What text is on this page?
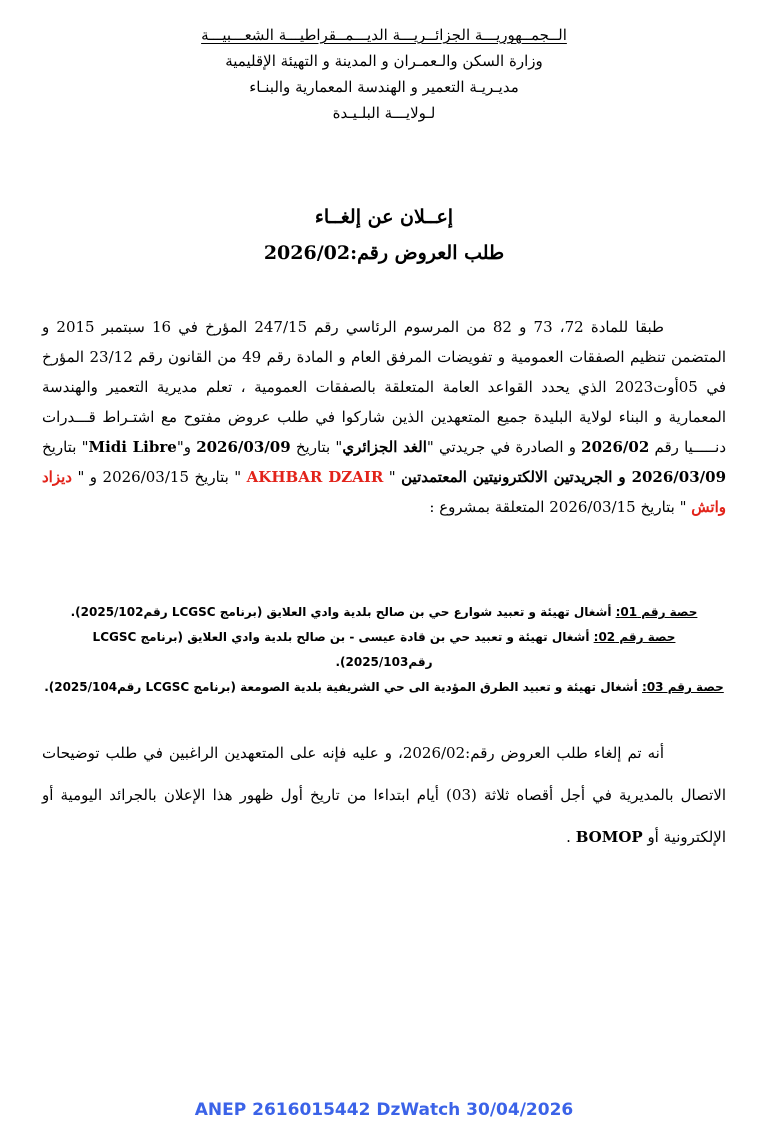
الــجمــهوريـــة الجزائــريـــة الديـــمــقراطيـــة الشعـــبيـــة
وزارة السكن والـعمـران و المدينة و التهيئة الإقليمية
مديـريـة التعمير و الهندسة المعمارية والبنـاء
لـولايـــة البلـيـدة
إعــلان عن إلغــاء
طلب العروض رقم:2026/02

طبقا للمادة 72، 73 و 82 من المرسوم الرئاسي رقم 247/15 المؤرخ في 16 سبتمبر 2015 و المتضمن تنظيم الصفقات العمومية و تفويضات المرفق العام و المادة رقم 49 من القانون رقم 23/12 المؤرخ في 05أوت2023 الذي يحدد القواعد العامة المتعلقة بالصفقات العمومية ، تعلم مديرية التعمير والهندسة المعمارية و البناء لولاية البليدة جميع المتعهدين الذين شاركوا في طلب عروض مفتوح مع اشتـراط قـــدرات دنـــــيا رقم 2026/02 و الصادرة في جريدتي "الغد الجزائري" بتاريخ 2026/03/09 و"Midi Libre" بتاريخ 2026/03/09 و الجريدتين الالكترونيتين المعتمدتين " AKHBAR DZAIR " بتاريخ 2026/03/15 و " ديزاد واتش " بتاريخ 2026/03/15 المتعلقة بمشروع :

حصة رقم 01: أشغال تهيئة و تعبيد شوارع حي بن صالح بلدية وادي العلايق (برنامج LCGSC رقم2025/102).
حصة رقم 02: أشغال تهيئة و تعبيد حي بن قادة عيسى - بن صالح بلدية وادي العلايق (برنامج LCGSC رقم2025/103).
حصة رقم 03: أشغال تهيئة و تعبيد الطرق المؤدية الى حي الشريفية بلدية الصومعة (برنامج LCGSC رقم2025/104).

أنه تم إلغاء طلب العروض رقم:2026/02، و عليه فإنه على المتعهدين الراغبين في طلب توضيحات الاتصال بالمديرية في أجل أقصاه ثلاثة (03) أيام ابتداءا من تاريخ أول ظهور هذا الإعلان بالجرائد اليومية أو الإلكترونية أو BOMOP .

ANEP 2616015442 DzWatch 30/04/2026
